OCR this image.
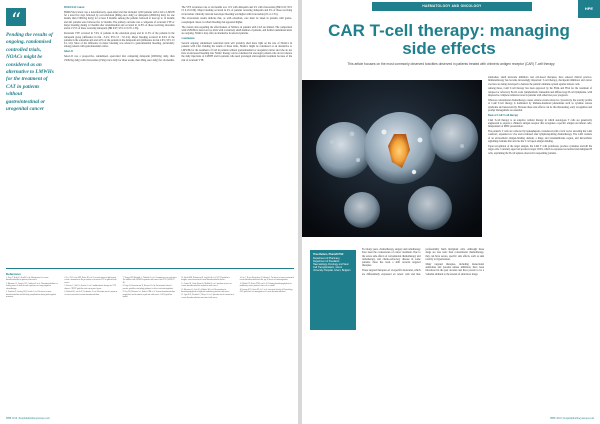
“
Pending the results of ongoing, randomised controlled trials, NOACs might be considered as an alternative to LMWHs for the treatment of CAT in patients without gastrointestinal or urogenital cancer

HOKUSAI Cancer

HOKUSAI Cancer was a non-inferiority, open-label trial that included 1,050 patients with CAT to LMWH for a least five days followed by oral edoxaban (60mg once daily) or dalteparin (200IU/kg daily for one month, then 150IU/kg daily) for at least 6 months. Among the patients followed at least up to 12 months and 441 patients were followed for 12 months. The primary outcome was a composite of recurrent VTE or major bleeding during 12 months after randomisation and occurred in 12.8% of those receiving edoxaban and in 13.5% of those receiving dalteparin (HR 0.97; 95% CI 0.70–1.36).

Recurrent VTE occurred in 7.9% of patients in the edoxaban group and in 11.3% of the patients in the dalteparin group (difference in risk −3.4%; 95% CI −7.0–0.2). Major bleeding occurred in 6.9% of the patients in the edoxaban arm and 4.0% of the patients in the dalteparin arm (difference in risk 2.9%; 95% CI 0.1–5.6). Most of the difference in major bleeding was related to gastrointestinal bleeding, particularly among patients with gastrointestinal cancer.

Select-D

Select-D was a prospective, randomised, open-label trial comparing dalteparin (200IU/kg daily, then 150IU/kg daily) with rivaroxaban (15mg twice daily for three weeks, then 20mg once daily) for six months. The VTE recurrence rate at six months was 11% with dalteparin and 4% with rivaroxaban (HR 0.43; 95% CI 0.19–0.99). Major bleeding occurred in 4% of patients receiving dalteparin and 6% of those receiving rivaroxaban; clinically relevant non-major bleeding was higher with rivaroxaban (4% vs 13%).

The rivaroxaban results indicate that, as with edoxaban, care must be taken in patients with gastro-oesophageal cancer, in whom bleeding risk appeared higher.

The current data regarding the effectiveness of NOACs in patients with CAT are limited. The comparison with LMWHs is based on two trials with a relatively small number of patients, and further randomised trials are ongoing. NOACs may offer an alternative in selected patients.

Conclusions

Several ongoing randomised controlled trials will probably shed more light on the role of NOACs in patients with CAT. Pending the results of these trials, NOACs might be considered as an alternative to LMWHs for the treatment of CAT in patients without gastrointestinal or urogenital cancer and who do not have an increased bleeding risk. NOAC therapy can be considered in oncologic patients who do not tolerate the daily injections of LMWH and in patients who need prolonged anticoagulant treatment because of the risk of recurrent VTE.

References
1. Gary T, Belaj K, Steidl K et al. Management of venous thromboembolism in patients with cancer.
2. Khorana AA, Francis CW, Culakova E et al. Thromboembolism is a leading cause of death in cancer patients receiving outpatient chemotherapy.
3. Prandoni P, Lensing AW, Piccioli A et al. Recurrent venous thromboembolism and bleeding complications during anticoagulant treatment.
4. Lee AY, Levine MN, Baker RI et al. Low-molecular-weight heparin versus a coumarin for the prevention of recurrent VTE in patients with cancer.
5. Kearon C, Akl EA, Ornelas J et al. Antithrombotic therapy for VTE disease: CHEST guideline and expert panel report.
6. Raskob GE, van Es N, Verhamme P et al. Edoxaban for the treatment of cancer-associated venous thromboembolism.
7. Young AM, Marshall A, Thirlwall J et al. Comparison of an oral factor Xa inhibitor with LMWH in patients with cancer with VTE (SELECT-D).
8. Farge D, Bounameaux H, Brenner B et al. International clinical practice guidelines including guidance for direct oral anticoagulants.
9. Key NS, Khorana AA, Kuderer NM et al. Venous thromboembolism prophylaxis and treatment in patients with cancer: ASCO guideline update.
10. Streiff MB, Holmstrom B, Angelini D et al. NCCN guidelines insights: cancer-associated venous thromboembolic disease.
11. Carrier M, Abou-Nassar K, Mallick R et al. Apixaban to prevent venous thromboembolism in patients with cancer.
12. Khorana AA, Soff GA, Kakkar AK et al. Rivaroxaban for thromboprophylaxis in high-risk ambulatory patients with cancer.
13. Agnelli G, Becattini C, Meyer G et al. Apixaban for the treatment of venous thromboembolism associated with cancer.
14. Ay C, Beyer-Westendorf J, Pabinger I. Treatment of cancer-associated venous thromboembolism in the age of direct oral anticoagulants.
15. Mulder FI, Bosch FTM, van Es N. Primary thromboprophylaxis in ambulatory cancer patients: where do we stand?
16. Lyman GH, Carrier M, Ay C et al. American Society of Hematology 2021 guidelines for management of venous thromboembolism.
HHE 2019 | hospitalpharmacyeurope.com
HAEMATOLOGY AND ONCOLOGY	HPE
CAR T-cell therapy: managing side effects
This article focuses on the most commonly observed toxicities observed in patients treated with chimeric antigen receptor (CAR) T-cell therapy

antibodies, small molecule inhibitors and cell-based therapies, have entered clinical practice. Immunotherapy has become increasingly important: T-cell therapy, checkpoint inhibitors and cancer vaccines are being developed to harness the patient's immune system against tumour cells.

Among these, CAR T-cell therapy has been approved by the EMA and FDA for the treatment of relapsed or refractory B-cell acute lymphoblastic leukaemia and diffuse large B-cell lymphoma, with impressive complete remission rates in patients with otherwise poor prognosis.

Whereas conventional chemotherapy causes adverse events related to cytotoxicity, the toxicity profile of CAR T-cell therapy is dominated by immune-mediated phenomena such as cytokine release syndrome and neurotoxicity. Because these side effects can be life-threatening, early recognition and prompt management are essential.

Basis of CAR T-cell therapy

CAR T-cell therapy is an adoptive cellular therapy in which autologous T cells are genetically engineered to express a chimeric antigen receptor that recognises a specific antigen on tumour cells, independent of MHC presentation.

The patient's T cells are collected by leukapheresis, transduced with a viral vector encoding the CAR construct, expanded ex vivo and re-infused after lymphodepleting chemotherapy. The CAR consists of an extracellular antigen-binding domain, a hinge and transmembrane region, and intracellular signalling domains that activate the T cell upon antigen binding.

Upon recognition of the target antigen, the CAR T cells proliferate, produce cytokines and kill the target cells. Currently approved products target CD19, which is expressed on normal and malignant B cells, explaining the B-cell aplasia observed in responding patients.

Thea Reiters, PharmD PhD
Department of Pharmacy, Department of Paediatric Haematology-Oncology and Stem Cell Transplantation, Ghent University Hospital, Ghent, Belgium

For many years, chemotherapy, surgery and radiotherapy have been the cornerstones of cancer treatment. Due to the severe side effects of conventional chemotherapy and radiotherapy, and chemo-refractory disease in some patients, there has been a shift towards targeted therapies.

These targeted therapies act on specific molecules, which are differentially expressed on cancer cells and thus preferentially harm malignant cells. Although these drugs are less toxic than conventional chemotherapy, they can have severe, specific side effects, such as skin toxicity or hypertension.

Many targeted therapies, including monoclonal antibodies and tyrosine kinase inhibitors, have been introduced in the past decades and have proven to be a valuable addition to the arsenal of anticancer drugs.

HHE 2019 | hospitalpharmacyeurope.com
